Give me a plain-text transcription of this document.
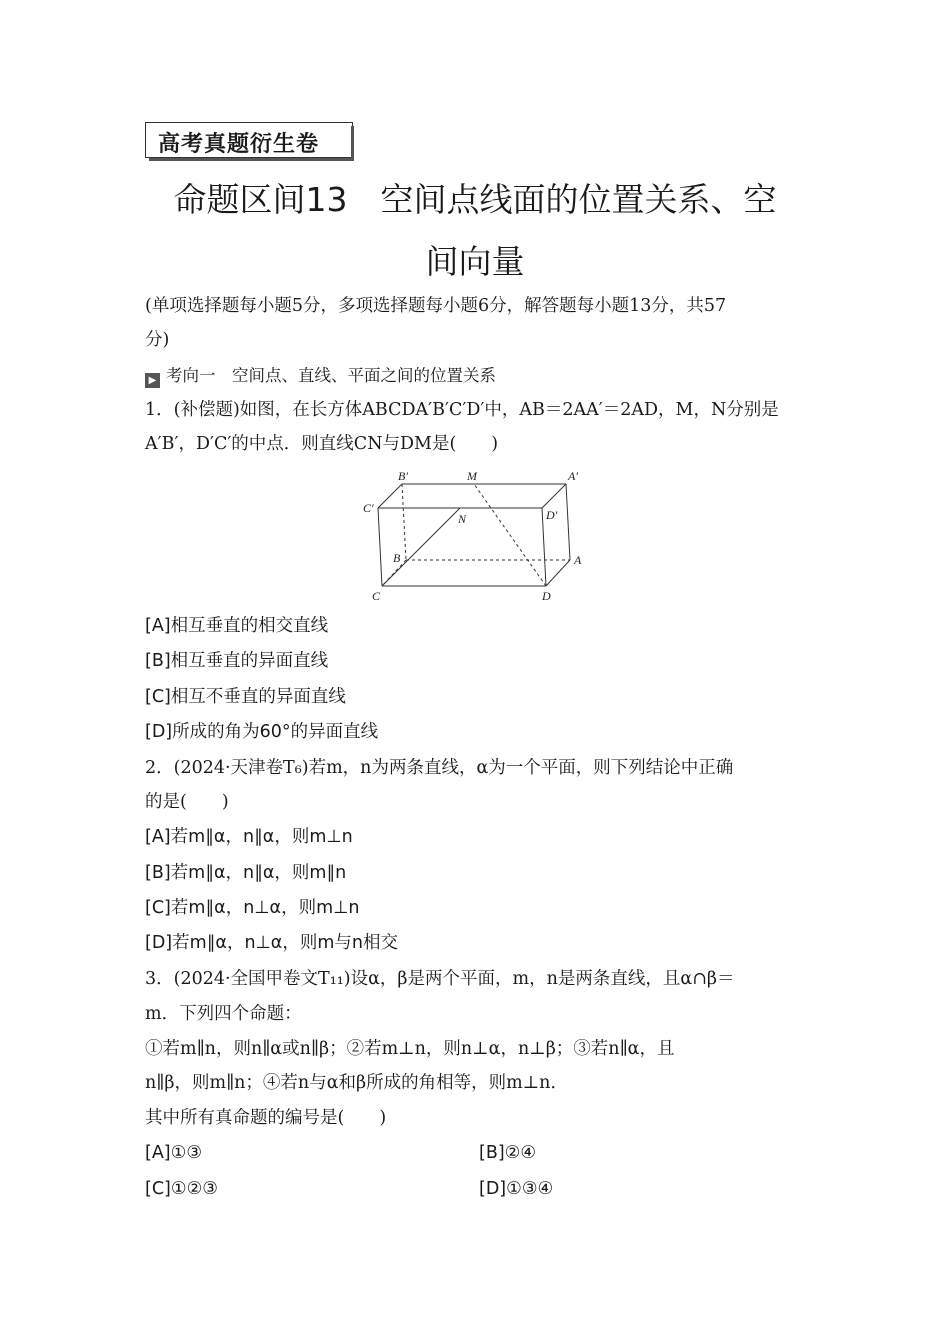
高考真题衍生卷
命题区间13　空间点线面的位置关系、空
间向量
(单项选择题每小题5分，多项选择题每小题6分，解答题每小题13分，共57
分)
▶ 考向一　空间点、直线、平面之间的位置关系
1．(补偿题)如图，在长方体ABCDA′B′C′D′中，AB＝2AA′＝2AD，M，N分别是
A′B′，D′C′的中点．则直线CN与DM是(　　)
B′	M	A′
C′
N	D′
B	A
C	D
[A]相互垂直的相交直线
[B]相互垂直的异面直线
[C]相互不垂直的异面直线
[D]所成的角为60°的异面直线
2．(2024·天津卷T₆)若m，n为两条直线，α为一个平面，则下列结论中正确
的是(　　)
[A]若m∥α，n∥α，则m⊥n
[B]若m∥α，n∥α，则m∥n
[C]若m∥α，n⊥α，则m⊥n
[D]若m∥α，n⊥α，则m与n相交
3．(2024·全国甲卷文T₁₁)设α，β是两个平面，m，n是两条直线，且α∩β＝
m．下列四个命题：
①若m∥n，则n∥α或n∥β；②若m⊥n，则n⊥α，n⊥β；③若n∥α，且
n∥β，则m∥n；④若n与α和β所成的角相等，则m⊥n．
其中所有真命题的编号是(　　)
[A]①③	[B]②④
[C]①②③	[D]①③④
